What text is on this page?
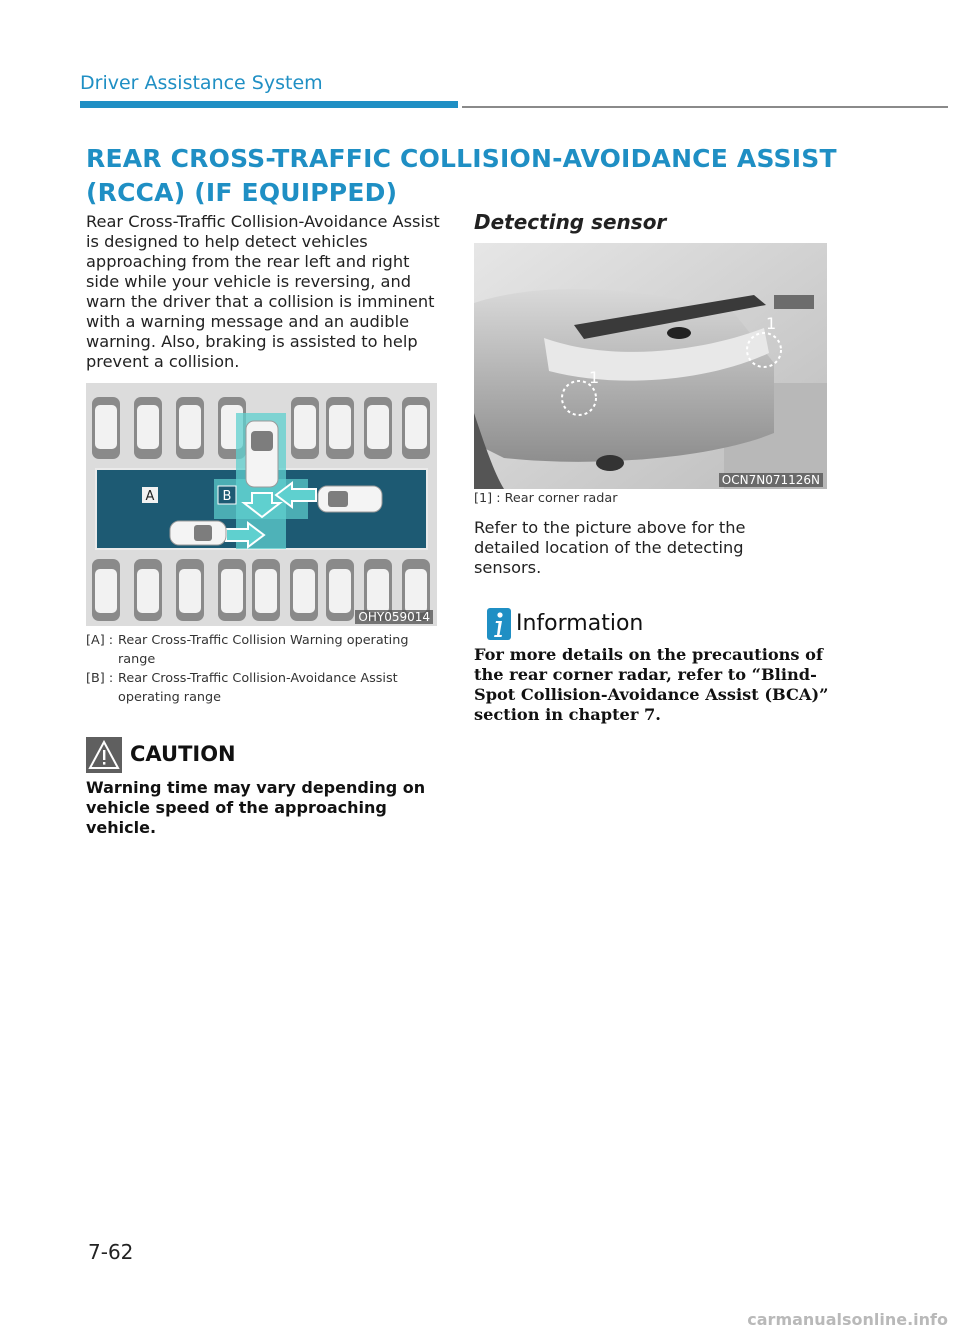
Driver Assistance System
REAR CROSS-TRAFFIC COLLISION-AVOIDANCE ASSIST (RCCA) (IF EQUIPPED)
Rear Cross-Traffic Collision-Avoidance Assist is designed to help detect vehicles approaching from the rear left and right side while your vehicle is reversing, and warn the driver that a collision is imminent with a warning message and an audible warning. Also, braking is assisted to help prevent a collision.
A	B
OHY059014
[A] : Rear Cross-Traffic Collision Warning operating range
[B] : Rear Cross-Traffic Collision-Avoidance Assist operating range
CAUTION
Warning time may vary depending on vehicle speed of the approaching vehicle.
Detecting sensor
1
1
OCN7N071126N
[1] : Rear corner radar
Refer to the picture above for the detailed location of the detecting sensors.
Information
For more details on the precautions of the rear corner radar, refer to “Blind-Spot Collision-Avoidance Assist (BCA)” section in chapter 7.
7-62
carmanualsonline.info
